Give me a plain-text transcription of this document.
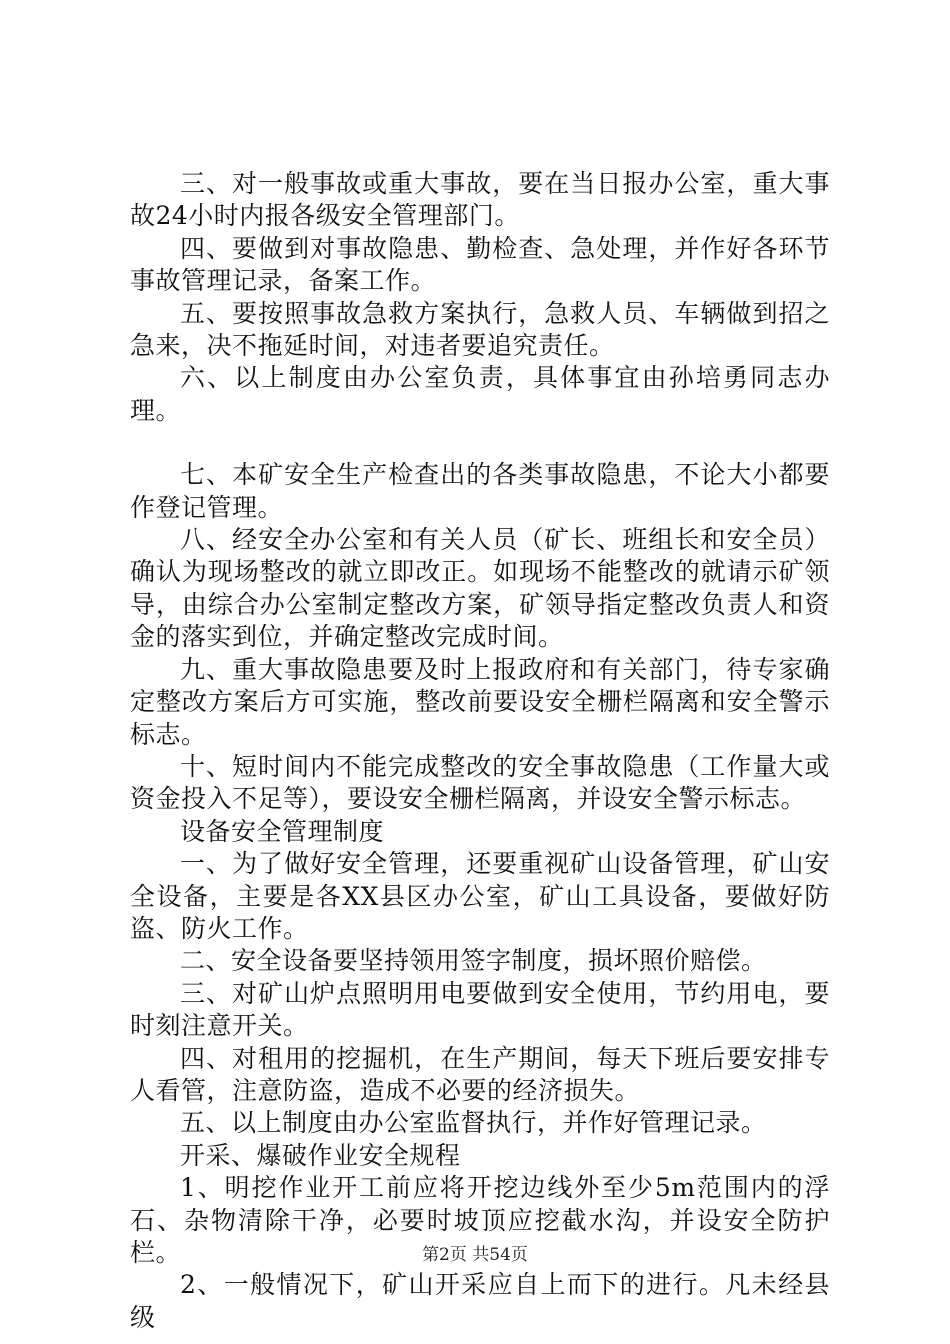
三、对一般事故或重大事故，要在当日报办公室，重大事故24小时内报各级安全管理部门。

四、要做到对事故隐患、勤检查、急处理，并作好各环节事故管理记录，备案工作。

五、要按照事故急救方案执行，急救人员、车辆做到招之急来，决不拖延时间，对违者要追究责任。

六、以上制度由办公室负责，具体事宜由孙培勇同志办理。

七、本矿安全生产检查出的各类事故隐患，不论大小都要作登记管理。

八、经安全办公室和有关人员（矿长、班组长和安全员）确认为现场整改的就立即改正。如现场不能整改的就请示矿领导，由综合办公室制定整改方案，矿领导指定整改负责人和资金的落实到位，并确定整改完成时间。

九、重大事故隐患要及时上报政府和有关部门，待专家确定整改方案后方可实施，整改前要设安全栅栏隔离和安全警示标志。

十、短时间内不能完成整改的安全事故隐患（工作量大或资金投入不足等），要设安全栅栏隔离，并设安全警示标志。

设备安全管理制度

一、为了做好安全管理，还要重视矿山设备管理，矿山安全设备，主要是各XX县区办公室，矿山工具设备，要做好防盗、防火工作。

二、安全设备要坚持领用签字制度，损坏照价赔偿。

三、对矿山炉点照明用电要做到安全使用，节约用电，要时刻注意开关。

四、对租用的挖掘机，在生产期间，每天下班后要安排专人看管，注意防盗，造成不必要的经济损失。

五、以上制度由办公室监督执行，并作好管理记录。

开采、爆破作业安全规程

1、明挖作业开工前应将开挖边线外至少5m范围内的浮石、杂物清除干净，必要时坡顶应挖截水沟，并设安全防护栏。

2、一般情况下，矿山开采应自上而下的进行。凡未经县级

第2页 共54页
